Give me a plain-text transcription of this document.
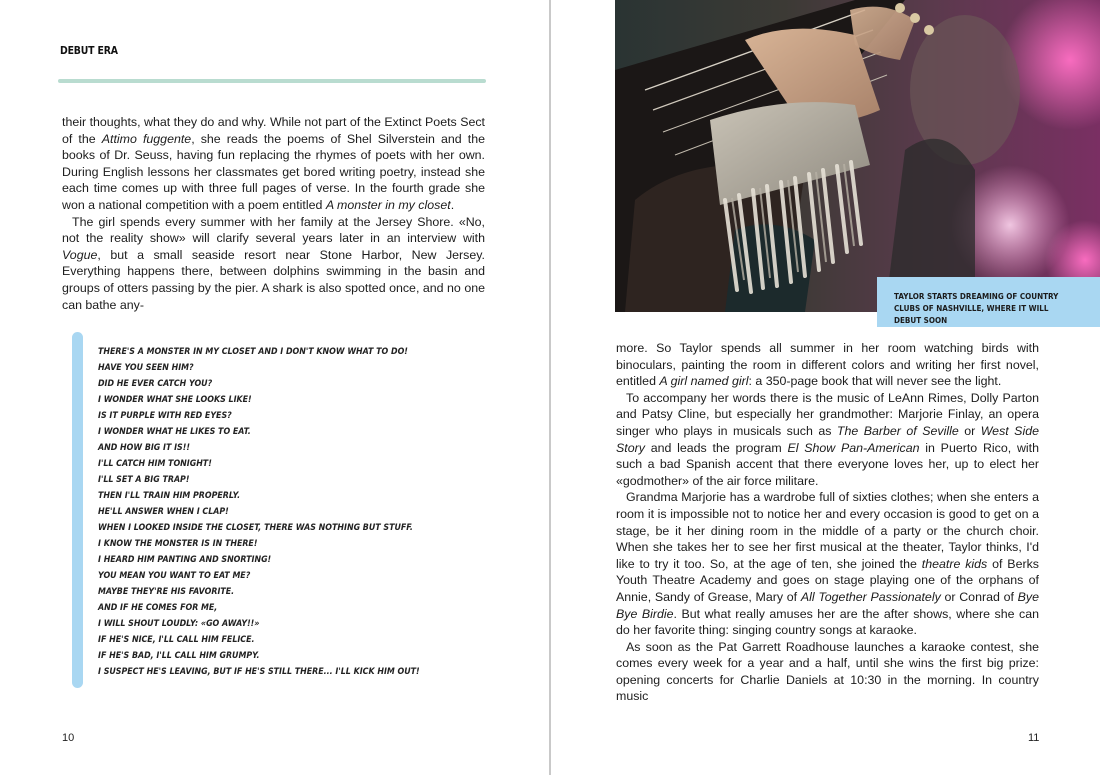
DEBUT ERA

their thoughts, what they do and why. While not part of the Extinct Poets Sect of the Attimo fuggente, she reads the poems of Shel Silverstein and the books of Dr. Seuss, having fun replacing the rhymes of poets with her own. During English lessons her classmates get bored writing poetry, instead she each time comes up with three full pages of verse. In the fourth grade she won a national competition with a poem entitled A monster in my closet.

The girl spends every summer with her family at the Jersey Shore. «No, not the reality show» will clarify several years later in an interview with Vogue, but a small seaside resort near Stone Harbor, New Jersey. Everything happens there, between dolphins swimming in the basin and groups of otters passing by the pier. A shark is also spotted once, and no one can bathe any-

THERE'S A MONSTER IN MY CLOSET AND I DON'T KNOW WHAT TO DO!
HAVE YOU SEEN HIM?
DID HE EVER CATCH YOU?
I WONDER WHAT SHE LOOKS LIKE!
IS IT PURPLE WITH RED EYES?
I WONDER WHAT HE LIKES TO EAT.
AND HOW BIG IT IS!!
I'LL CATCH HIM TONIGHT!
I'LL SET A BIG TRAP!
THEN I'LL TRAIN HIM PROPERLY.
HE'LL ANSWER WHEN I CLAP!
WHEN I LOOKED INSIDE THE CLOSET, THERE WAS NOTHING BUT STUFF.
I KNOW THE MONSTER IS IN THERE!
I HEARD HIM PANTING AND SNORTING!
YOU MEAN YOU WANT TO EAT ME?
MAYBE THEY'RE HIS FAVORITE.
AND IF HE COMES FOR ME,
I WILL SHOUT LOUDLY: «GO AWAY!!»
IF HE'S NICE, I'LL CALL HIM FELICE.
IF HE'S BAD, I'LL CALL HIM GRUMPY.
I SUSPECT HE'S LEAVING, BUT IF HE'S STILL THERE... I'LL KICK HIM OUT!
10
TAYLOR STARTS DREAMING OF COUNTRY CLUBS OF NASHVILLE, WHERE IT WILL DEBUT SOON

more. So Taylor spends all summer in her room watching birds with binoculars, painting the room in different colors and writing her first novel, entitled A girl named girl: a 350-page book that will never see the light.

To accompany her words there is the music of LeAnn Rimes, Dolly Parton and Patsy Cline, but especially her grandmother: Marjorie Finlay, an opera singer who plays in musicals such as The Barber of Seville or West Side Story and leads the program El Show Pan-American in Puerto Rico, with such a bad Spanish accent that there everyone loves her, up to elect her «godmother» of the air force militare.

Grandma Marjorie has a wardrobe full of sixties clothes; when she enters a room it is impossible not to notice her and every occasion is good to get on a stage, be it her dining room in the middle of a party or the church choir. When she takes her to see her first musical at the theater, Taylor thinks, I'd like to try it too. So, at the age of ten, she joined the theatre kids of Berks Youth Theatre Academy and goes on stage playing one of the orphans of Annie, Sandy of Grease, Mary of All Together Passionately or Conrad of Bye Bye Birdie. But what really amuses her are the after shows, where she can do her favorite thing: singing country songs at karaoke.

As soon as the Pat Garrett Roadhouse launches a karaoke contest, she comes every week for a year and a half, until she wins the first big prize: opening concerts for Charlie Daniels at 10:30 in the morning. In country music

11
